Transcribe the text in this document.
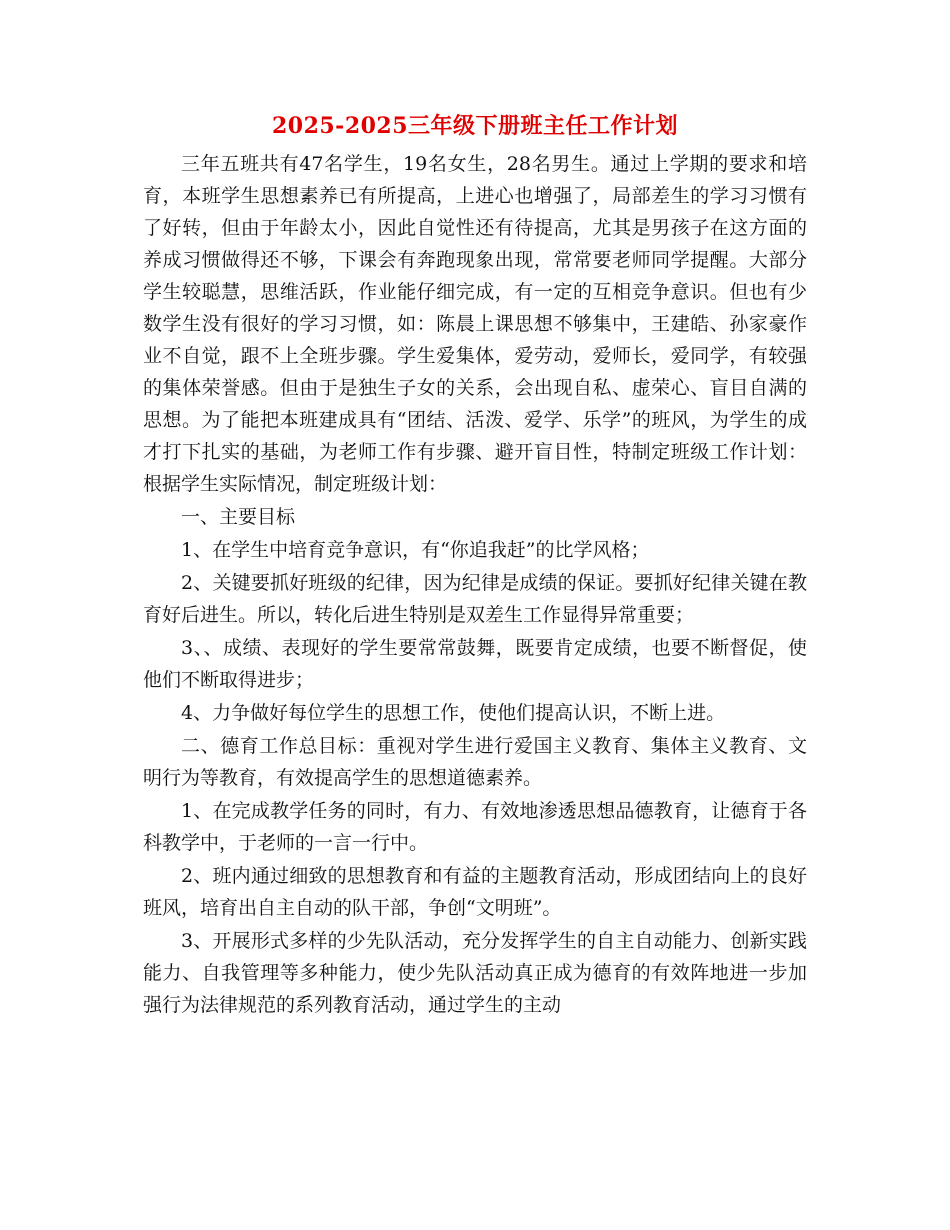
2025-2025三年级下册班主任工作计划

三年五班共有47名学生，19名女生，28名男生。通过上学期的要求和培育，本班学生思想素养已有所提高，上进心也增强了，局部差生的学习习惯有了好转，但由于年龄太小，因此自觉性还有待提高，尤其是男孩子在这方面的养成习惯做得还不够，下课会有奔跑现象出现，常常要老师同学提醒。大部分学生较聪慧，思维活跃，作业能仔细完成，有一定的互相竞争意识。但也有少数学生没有很好的学习习惯，如：陈晨上课思想不够集中，王建皓、孙家豪作业不自觉，跟不上全班步骤。学生爱集体，爱劳动，爱师长，爱同学，有较强的集体荣誉感。但由于是独生子女的关系，会出现自私、虚荣心、盲目自满的思想。为了能把本班建成具有“团结、活泼、爱学、乐学”的班风，为学生的成才打下扎实的基础，为老师工作有步骤、避开盲目性，特制定班级工作计划：根据学生实际情况，制定班级计划：

一、主要目标

1、在学生中培育竞争意识，有“你追我赶”的比学风格；

2、关键要抓好班级的纪律，因为纪律是成绩的保证。要抓好纪律关键在教育好后进生。所以，转化后进生特别是双差生工作显得异常重要；

3、、成绩、表现好的学生要常常鼓舞，既要肯定成绩，也要不断督促，使他们不断取得进步；

4、力争做好每位学生的思想工作，使他们提高认识，不断上进。

二、德育工作总目标：重视对学生进行爱国主义教育、集体主义教育、文明行为等教育，有效提高学生的思想道德素养。

1、在完成教学任务的同时，有力、有效地渗透思想品德教育，让德育于各科教学中，于老师的一言一行中。

2、班内通过细致的思想教育和有益的主题教育活动，形成团结向上的良好班风，培育出自主自动的队干部，争创“文明班”。

3、开展形式多样的少先队活动，充分发挥学生的自主自动能力、创新实践能力、自我管理等多种能力，使少先队活动真正成为德育的有效阵地进一步加强行为法律规范的系列教育活动，通过学生的主动
